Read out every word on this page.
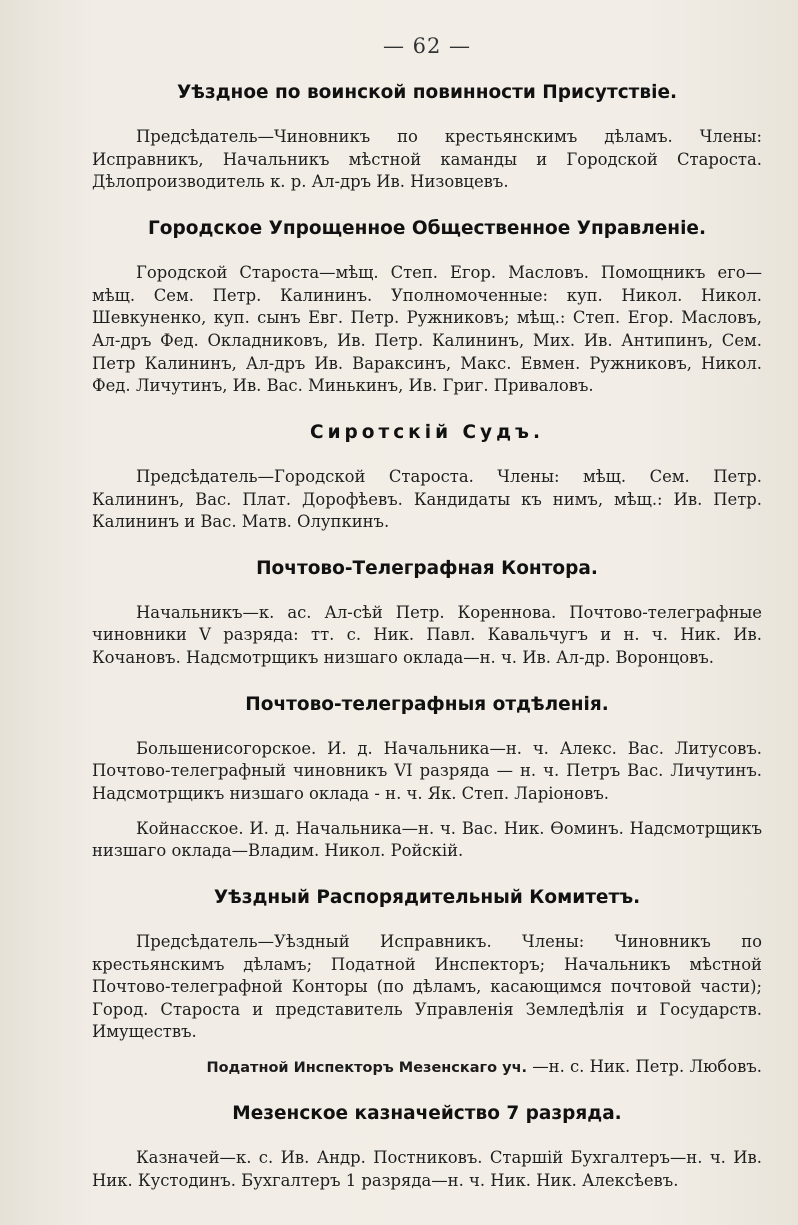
— 62 —
Уѣздное по воинской повинности Присутствіе.

Предсѣдатель—Чиновникъ по крестьянскимъ дѣламъ. Члены: Исправникъ, Начальникъ мѣстной каманды и Городской Староста. Дѣлопроизводитель к. р. Ал-дръ Ив. Низовцевъ.

Городское Упрощенное Общественное Управленіе.

Городской Староста—мѣщ. Степ. Егор. Масловъ. Помощникъ его—мѣщ. Сем. Петр. Калининъ. Уполномоченные: куп. Никол. Никол. Шевкуненко, куп. сынъ Евг. Петр. Ружниковъ; мѣщ.: Степ. Егор. Масловъ, Ал-дръ Фед. Окладниковъ, Ив. Петр. Калининъ, Мих. Ив. Антипинъ, Сем. Петр Калининъ, Ал-дръ Ив. Вараксинъ, Макс. Евмен. Ружниковъ, Никол. Фед. Личутинъ, Ив. Вас. Минькинъ, Ив. Григ. Приваловъ.

Сиротскій Судъ.

Предсѣдатель—Городской Староста. Члены: мѣщ. Сем. Петр. Калининъ, Вас. Плат. Дорофѣевъ. Кандидаты къ нимъ, мѣщ.: Ив. Петр. Калининъ и Вас. Матв. Олупкинъ.

Почтово-Телеграфная Контора.

Начальникъ—к. ас. Ал-сѣй Петр. Кореннова. Почтово-телеграфные чиновники V разряда: тт. с. Ник. Павл. Кавальчугъ и н. ч. Ник. Ив. Кочановъ. Надсмотрщикъ низшаго оклада—н. ч. Ив. Ал-др. Воронцовъ.

Почтово-телеграфныя отдѣленія.

Большенисогорское. И. д. Начальника—н. ч. Алекс. Вас. Литусовъ. Почтово-телеграфный чиновникъ VI разряда — н. ч. Петръ Вас. Личутинъ. Надсмотрщикъ низшаго оклада - н. ч. Як. Степ. Ларіоновъ.

Койнасское. И. д. Начальника—н. ч. Вас. Ник. Ѳоминъ. Надсмотрщикъ низшаго оклада—Владим. Никол. Ройскій.

Уѣздный Распорядительный Комитетъ.

Предсѣдатель—Уѣздный Исправникъ. Члены: Чиновникъ по крестьянскимъ дѣламъ; Податной Инспекторъ; Начальникъ мѣстной Почтово-телеграфной Конторы (по дѣламъ, касающимся почтовой части); Город. Староста и представитель Управленія Земледѣлія и Государств. Имуществъ.

Податной Инспекторъ Мезенскаго уч. —н. с. Ник. Петр. Любовъ.
Мезенское казначейство 7 разряда.

Казначей—к. с. Ив. Андр. Постниковъ. Старшій Бухгалтеръ—н. ч. Ив. Ник. Кустодинъ. Бухгалтеръ 1 разряда—н. ч. Ник. Ник. Алексѣевъ.
